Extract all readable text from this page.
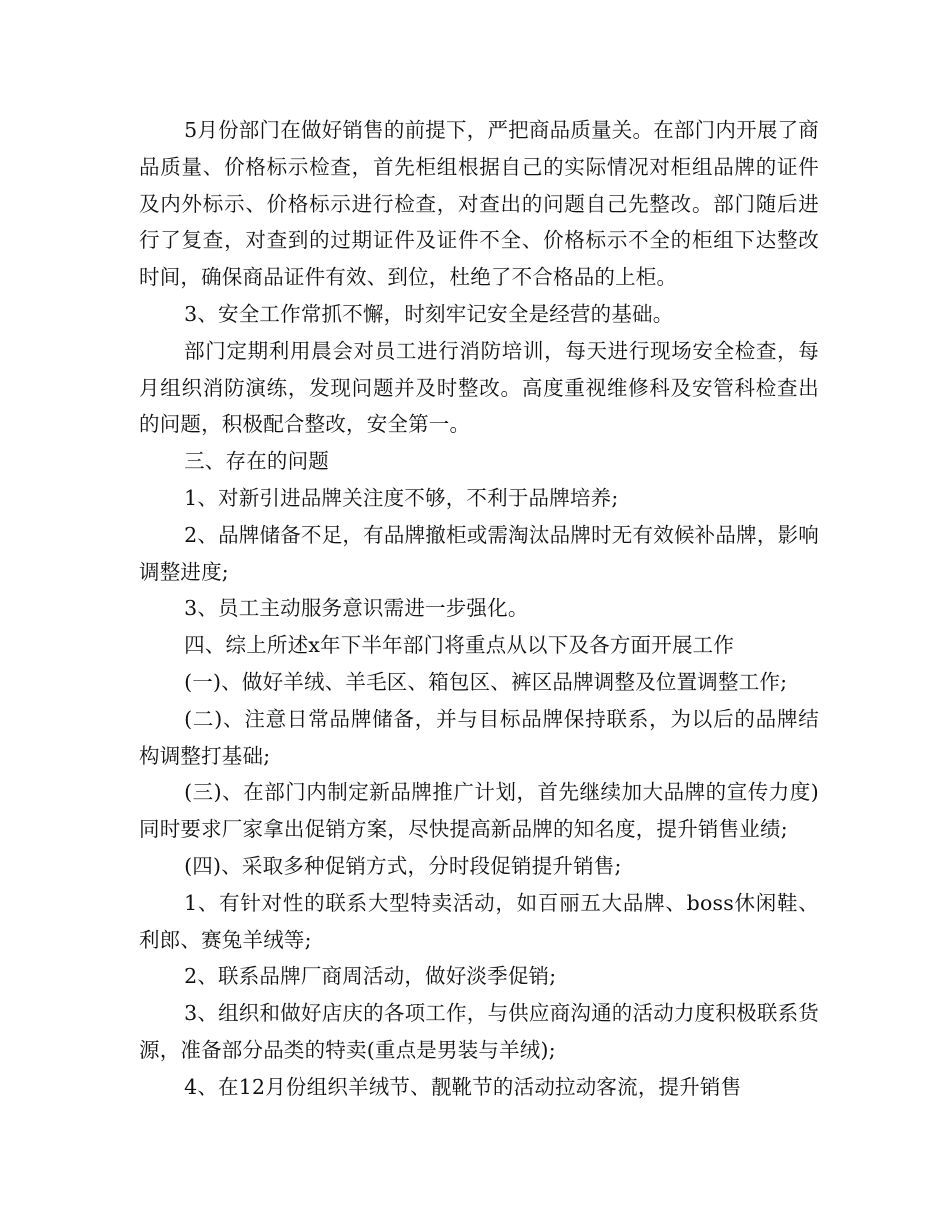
5月份部门在做好销售的前提下，严把商品质量关。在部门内开展了商品质量、价格标示检查，首先柜组根据自己的实际情况对柜组品牌的证件及内外标示、价格标示进行检查，对查出的问题自己先整改。部门随后进行了复查，对查到的过期证件及证件不全、价格标示不全的柜组下达整改时间，确保商品证件有效、到位，杜绝了不合格品的上柜。

3、安全工作常抓不懈，时刻牢记安全是经营的基础。

部门定期利用晨会对员工进行消防培训，每天进行现场安全检查，每月组织消防演练，发现问题并及时整改。高度重视维修科及安管科检查出的问题，积极配合整改，安全第一。

三、存在的问题

1、对新引进品牌关注度不够，不利于品牌培养;

2、品牌储备不足，有品牌撤柜或需淘汰品牌时无有效候补品牌，影响调整进度;

3、员工主动服务意识需进一步强化。

四、综上所述x年下半年部门将重点从以下及各方面开展工作

(一)、做好羊绒、羊毛区、箱包区、裤区品牌调整及位置调整工作;

(二)、注意日常品牌储备，并与目标品牌保持联系，为以后的品牌结构调整打基础;

(三)、在部门内制定新品牌推广计划，首先继续加大品牌的宣传力度)同时要求厂家拿出促销方案，尽快提高新品牌的知名度，提升销售业绩;

(四)、采取多种促销方式，分时段促销提升销售;

1、有针对性的联系大型特卖活动，如百丽五大品牌、boss休闲鞋、利郎、赛兔羊绒等;

2、联系品牌厂商周活动，做好淡季促销;

3、组织和做好店庆的各项工作，与供应商沟通的活动力度积极联系货源，准备部分品类的特卖(重点是男装与羊绒);

4、在12月份组织羊绒节、靓靴节的活动拉动客流，提升销售
